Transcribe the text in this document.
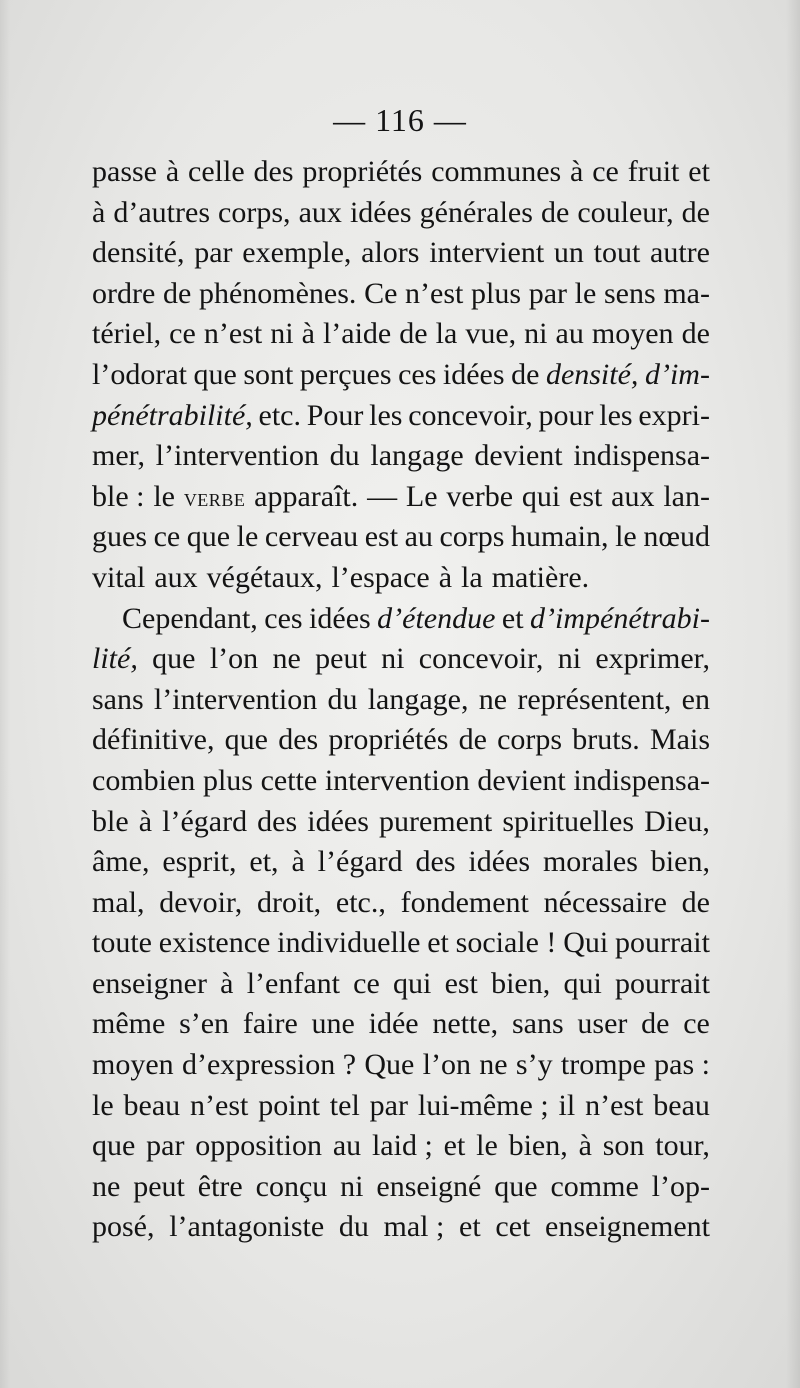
— 116 —
passe à celle des propriétés communes à ce fruit et
à d’autres corps, aux idées générales de couleur, de
densité, par exemple, alors intervient un tout autre
ordre de phénomènes. Ce n’est plus par le sens ma-
tériel, ce n’est ni à l’aide de la vue, ni au moyen de
l’odorat que sont perçues ces idées de densité, d’im-
pénétrabilité, etc. Pour les concevoir, pour les expri-
mer, l’intervention du langage devient indispensa-
ble : le verbe apparaît. — Le verbe qui est aux lan-
gues ce que le cerveau est au corps humain, le nœud
vital aux végétaux, l’espace à la matière.
Cependant, ces idées d’étendue et d’impénétrabi-
lité, que l’on ne peut ni concevoir, ni exprimer,
sans l’intervention du langage, ne représentent, en
définitive, que des propriétés de corps bruts. Mais
combien plus cette intervention devient indispensa-
ble à l’égard des idées purement spirituelles Dieu,
âme, esprit, et, à l’égard des idées morales bien,
mal, devoir, droit, etc., fondement nécessaire de
toute existence individuelle et sociale ! Qui pourrait
enseigner à l’enfant ce qui est bien, qui pourrait
même s’en faire une idée nette, sans user de ce
moyen d’expression ? Que l’on ne s’y trompe pas :
le beau n’est point tel par lui-même ; il n’est beau
que par opposition au laid ; et le bien, à son tour,
ne peut être conçu ni enseigné que comme l’op-
posé, l’antagoniste du mal ; et cet enseignement
